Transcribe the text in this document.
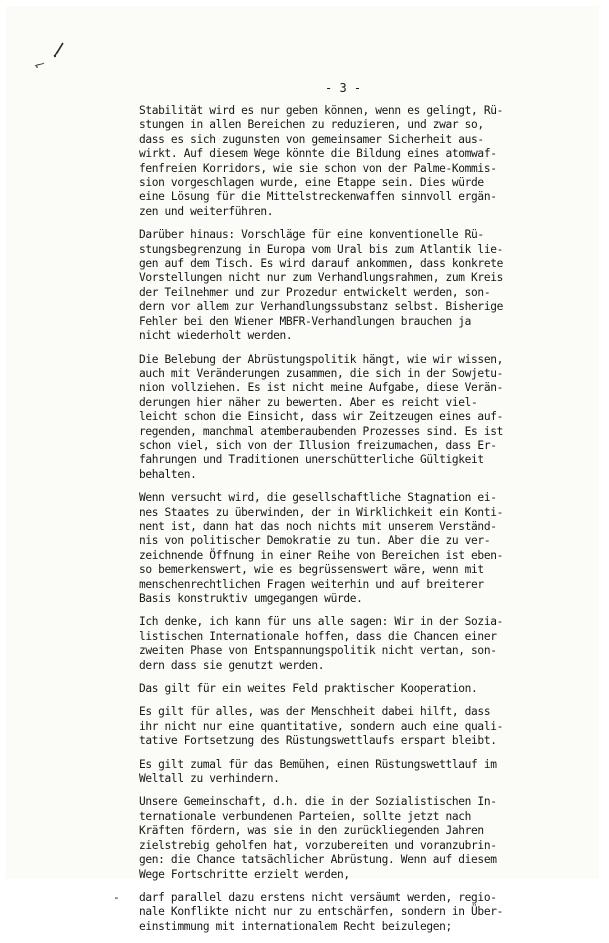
- 3 -
Stabilität wird es nur geben können, wenn es gelingt, Rü-
stungen in allen Bereichen zu reduzieren, und zwar so,
dass es sich zugunsten von gemeinsamer Sicherheit aus-
wirkt. Auf diesem Wege könnte die Bildung eines atomwaf-
fenfreien Korridors, wie sie schon von der Palme-Kommis-
sion vorgeschlagen wurde, eine Etappe sein. Dies würde
eine Lösung für die Mittelstreckenwaffen sinnvoll ergän-
zen und weiterführen.
Darüber hinaus: Vorschläge für eine konventionelle Rü-
stungsbegrenzung in Europa vom Ural bis zum Atlantik lie-
gen auf dem Tisch. Es wird darauf ankommen, dass konkrete
Vorstellungen nicht nur zum Verhandlungsrahmen, zum Kreis
der Teilnehmer und zur Prozedur entwickelt werden, son-
dern vor allem zur Verhandlungssubstanz selbst. Bisherige
Fehler bei den Wiener MBFR-Verhandlungen brauchen ja
nicht wiederholt werden.
Die Belebung der Abrüstungspolitik hängt, wie wir wissen,
auch mit Veränderungen zusammen, die sich in der Sowjetu-
nion vollziehen. Es ist nicht meine Aufgabe, diese Verän-
derungen hier näher zu bewerten. Aber es reicht viel-
leicht schon die Einsicht, dass wir Zeitzeugen eines auf-
regenden, manchmal atemberaubenden Prozesses sind. Es ist
schon viel, sich von der Illusion freizumachen, dass Er-
fahrungen und Traditionen unerschütterliche Gültigkeit
behalten.
Wenn versucht wird, die gesellschaftliche Stagnation ei-
nes Staates zu überwinden, der in Wirklichkeit ein Konti-
nent ist, dann hat das noch nichts mit unserem Verständ-
nis von politischer Demokratie zu tun. Aber die zu ver-
zeichnende Öffnung in einer Reihe von Bereichen ist eben-
so bemerkenswert, wie es begrüssenswert wäre, wenn mit
menschenrechtlichen Fragen weiterhin und auf breiterer
Basis konstruktiv umgegangen würde.
Ich denke, ich kann für uns alle sagen: Wir in der Sozia-
listischen Internationale hoffen, dass die Chancen einer
zweiten Phase von Entspannungspolitik nicht vertan, son-
dern dass sie genutzt werden.
Das gilt für ein weites Feld praktischer Kooperation.
Es gilt für alles, was der Menschheit dabei hilft, dass
ihr nicht nur eine quantitative, sondern auch eine quali-
tative Fortsetzung des Rüstungswettlaufs erspart bleibt.
Es gilt zumal für das Bemühen, einen Rüstungswettlauf im
Weltall zu verhindern.
Unsere Gemeinschaft, d.h. die in der Sozialistischen In-
ternationale verbundenen Parteien, sollte jetzt nach
Kräften fördern, was sie in den zurückliegenden Jahren
zielstrebig geholfen hat, vorzubereiten und voranzubrin-
gen: die Chance tatsächlicher Abrüstung. Wenn auf diesem
Wege Fortschritte erzielt werden,
- darf parallel dazu erstens nicht versäumt werden, regio-
nale Konflikte nicht nur zu entschärfen, sondern in Über-
einstimmung mit internationalem Recht beizulegen;
